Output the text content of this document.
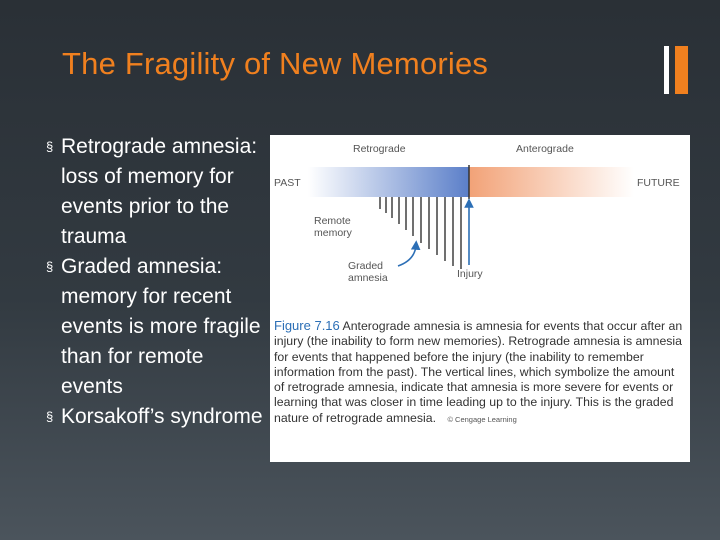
The Fragility of New Memories
§ Retrograde amnesia: loss of memory for events prior to the trauma
§ Graded amnesia: memory for recent events is more fragile than for remote events
§ Korsakoff’s syndrome
Retrograde	Anterograde
PAST	FUTURE
Remote memory
Graded amnesia	Injury
Figure 7.16 Anterograde amnesia is amnesia for events that occur after an injury (the inability to form new memories). Retrograde amnesia is amnesia for events that happened before the injury (the inability to remember information from the past). The vertical lines, which symbolize the amount of retrograde amnesia, indicate that amnesia is more severe for events or learning that was closer in time leading up to the injury. This is the graded nature of retrograde amnesia. © Cengage Learning
